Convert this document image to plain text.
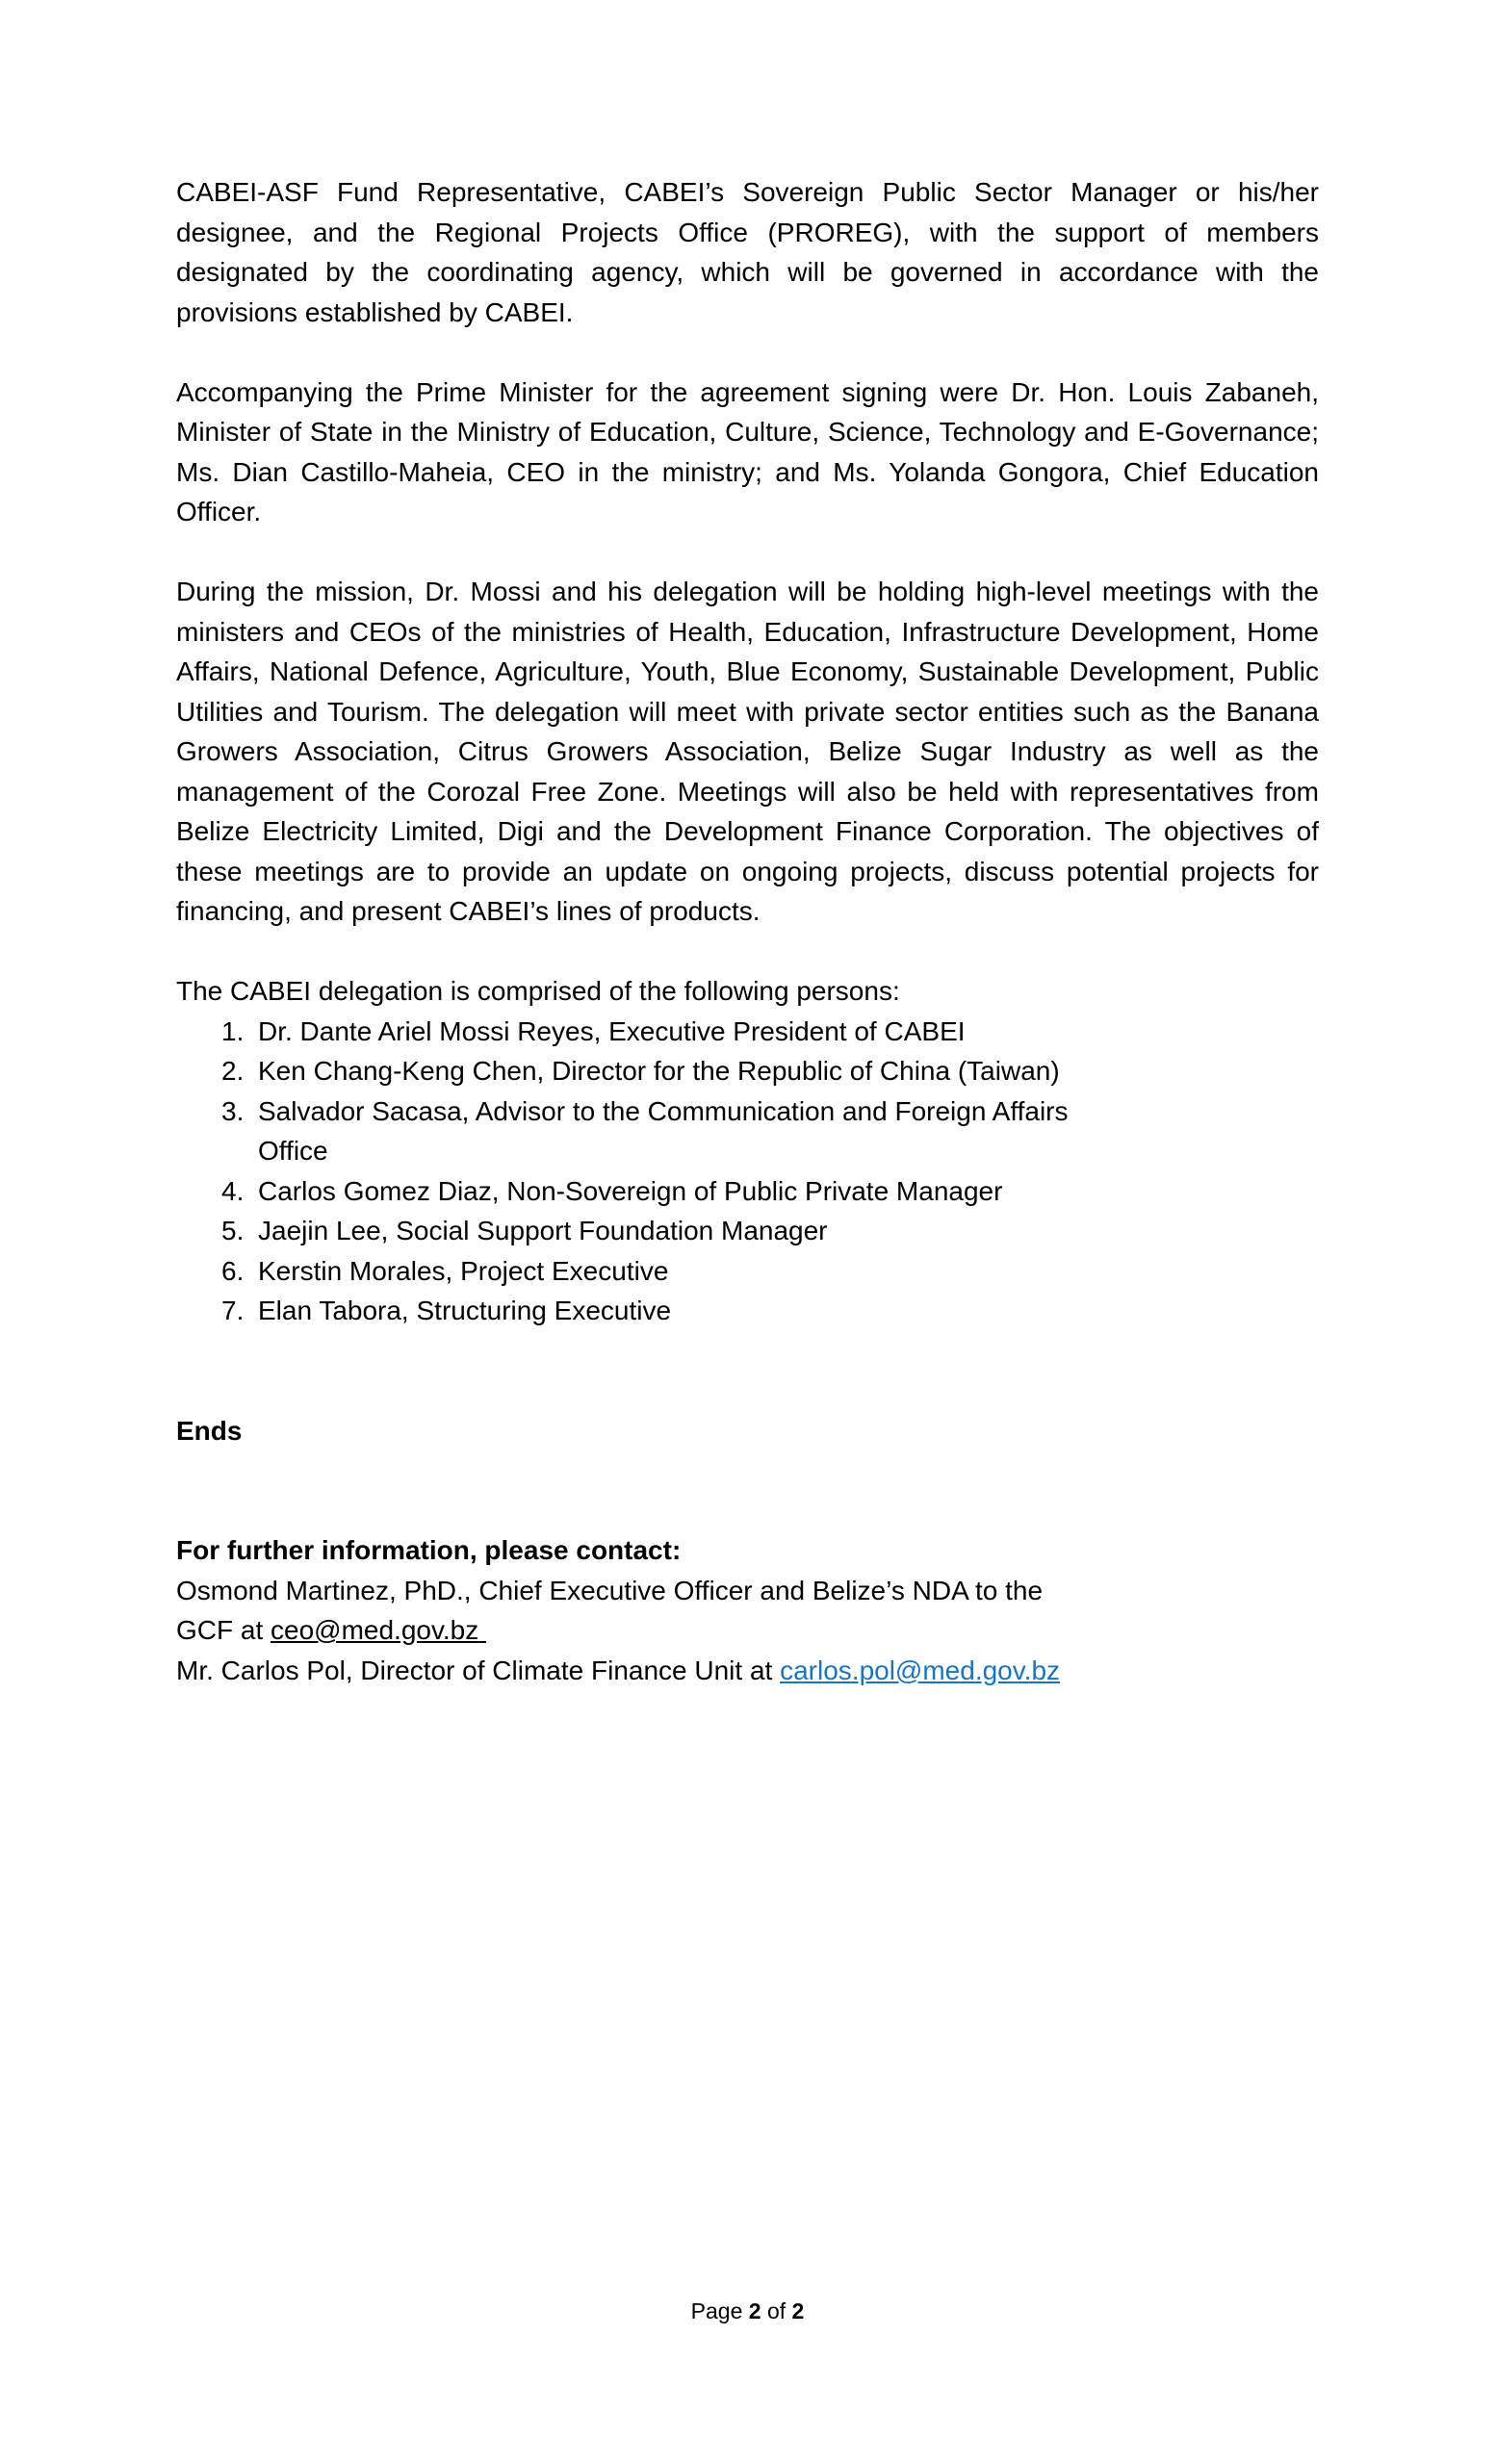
CABEI-ASF Fund Representative, CABEI’s Sovereign Public Sector Manager or his/her designee, and the Regional Projects Office (PROREG), with the support of members designated by the coordinating agency, which will be governed in accordance with the provisions established by CABEI.

Accompanying the Prime Minister for the agreement signing were Dr. Hon. Louis Zabaneh, Minister of State in the Ministry of Education, Culture, Science, Technology and E-Governance; Ms. Dian Castillo-Maheia, CEO in the ministry; and Ms. Yolanda Gongora, Chief Education Officer.

During the mission, Dr. Mossi and his delegation will be holding high-level meetings with the ministers and CEOs of the ministries of Health, Education, Infrastructure Development, Home Affairs, National Defence, Agriculture, Youth, Blue Economy, Sustainable Development, Public Utilities and Tourism. The delegation will meet with private sector entities such as the Banana Growers Association, Citrus Growers Association, Belize Sugar Industry as well as the management of the Corozal Free Zone. Meetings will also be held with representatives from Belize Electricity Limited, Digi and the Development Finance Corporation. The objectives of these meetings are to provide an update on ongoing projects, discuss potential projects for financing, and present CABEI’s lines of products.

The CABEI delegation is comprised of the following persons:

1. Dr. Dante Ariel Mossi Reyes, Executive President of CABEI
2. Ken Chang-Keng Chen, Director for the Republic of China (Taiwan)
3. Salvador Sacasa, Advisor to the Communication and Foreign Affairs
Office
4. Carlos Gomez Diaz, Non-Sovereign of Public Private Manager
5. Jaejin Lee, Social Support Foundation Manager
6. Kerstin Morales, Project Executive
7. Elan Tabora, Structuring Executive

Ends

For further information, please contact:

Osmond Martinez, PhD., Chief Executive Officer and Belize’s NDA to the
GCF at ceo@med.gov.bz
Mr. Carlos Pol, Director of Climate Finance Unit at carlos.pol@med.gov.bz
Page 2 of 2
